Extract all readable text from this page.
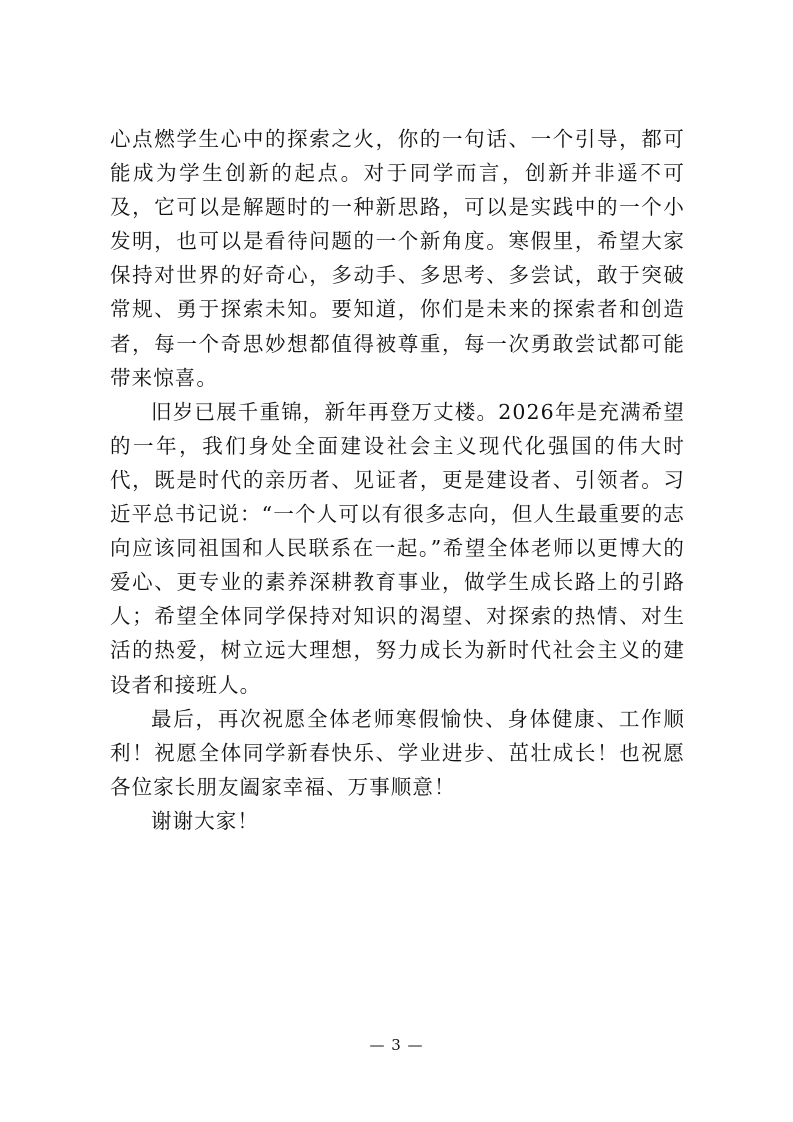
心点燃学生心中的探索之火，你的一句话、一个引导，都可能成为学生创新的起点。对于同学而言，创新并非遥不可及，它可以是解题时的一种新思路，可以是实践中的一个小发明，也可以是看待问题的一个新角度。寒假里，希望大家保持对世界的好奇心，多动手、多思考、多尝试，敢于突破常规、勇于探索未知。要知道，你们是未来的探索者和创造者，每一个奇思妙想都值得被尊重，每一次勇敢尝试都可能带来惊喜。

旧岁已展千重锦，新年再登万丈楼。2026年是充满希望的一年，我们身处全面建设社会主义现代化强国的伟大时代，既是时代的亲历者、见证者，更是建设者、引领者。习近平总书记说：“一个人可以有很多志向，但人生最重要的志向应该同祖国和人民联系在一起。”希望全体老师以更博大的爱心、更专业的素养深耕教育事业，做学生成长路上的引路人；希望全体同学保持对知识的渴望、对探索的热情、对生活的热爱，树立远大理想，努力成长为新时代社会主义的建设者和接班人。

最后，再次祝愿全体老师寒假愉快、身体健康、工作顺利！祝愿全体同学新春快乐、学业进步、茁壮成长！也祝愿各位家长朋友阖家幸福、万事顺意！

谢谢大家！

— 3 —
